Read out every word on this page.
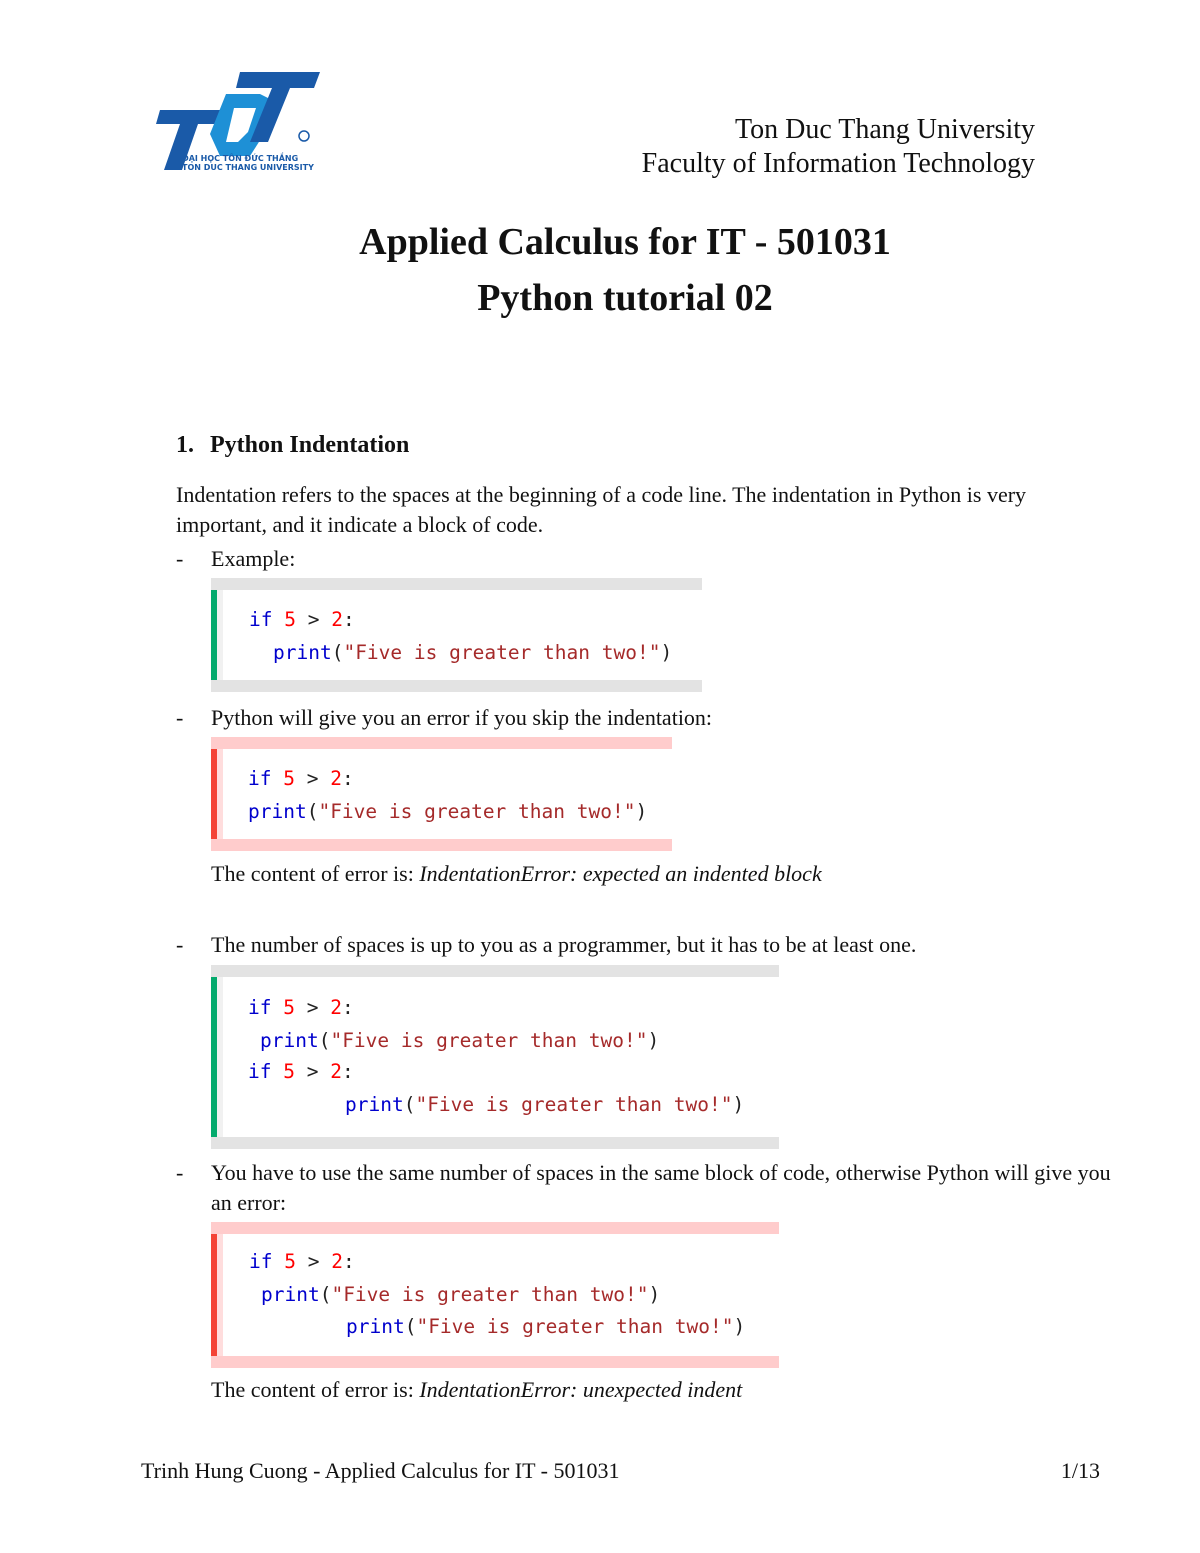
ĐẠI HỌC TÔN ĐỨC THẮNG
TON DUC THANG UNIVERSITY
Ton Duc Thang University
Faculty of Information Technology
Applied Calculus for IT - 501031
Python tutorial 02
1. Python Indentation
Indentation refers to the spaces at the beginning of a code line. The indentation in Python is very important, and it indicate a block of code.
- Example:
if 5 > 2:
print("Five is greater than two!")
- Python will give you an error if you skip the indentation:
if 5 > 2:
print("Five is greater than two!")
The content of error is: IndentationError: expected an indented block
- The number of spaces is up to you as a programmer, but it has to be at least one.
if 5 > 2:
print("Five is greater than two!")
if 5 > 2:
print("Five is greater than two!")
- You have to use the same number of spaces in the same block of code, otherwise Python will give you an error:
if 5 > 2:
print("Five is greater than two!")
print("Five is greater than two!")
The content of error is: IndentationError: unexpected indent
Trinh Hung Cuong - Applied Calculus for IT - 501031	1/13
